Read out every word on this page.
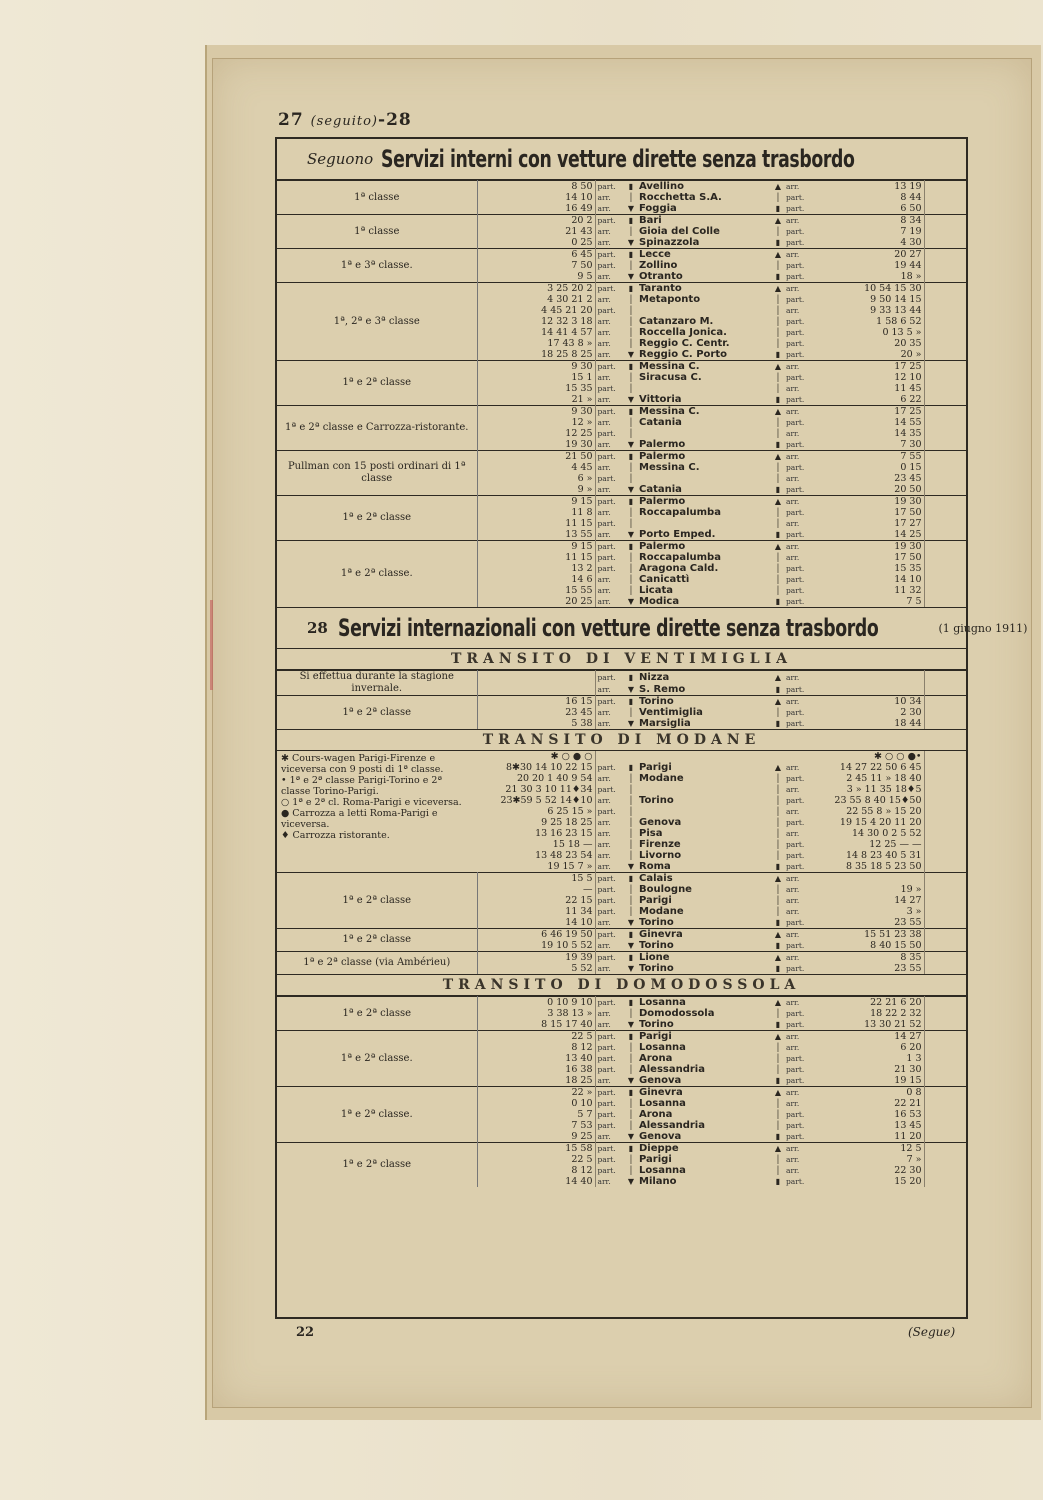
27 (seguito)-28
Seguono Servizi interni con vetture dirette senza trasbordo
1ª classe	8 50	part.	▮	Avellino	▲	arr.	13 19	
	14 10	arr.	│	Rocchetta S.A.	│	part.	8 44	
	16 49	arr.	▼	Foggia	▮	part.	6 50	
1ª classe	20 2	part.	▮	Bari	▲	arr.	8 34	
	21 43	arr.	│	Gioia del Colle	│	part.	7 19	
	0 25	arr.	▼	Spinazzola	▮	part.	4 30	
1ª e 3ª classe.	6 45	part.	▮	Lecce	▲	arr.	20 27	
	7 50	part.	│	Zollino	│	part.	19 44	
	9 5	arr.	▼	Otranto	▮	part.	18 »	
1ª, 2ª e 3ª classe	3 25 20 2	part.	▮	Taranto	▲	arr.	10 54 15 30	
	4 30 21 2	arr.	│	Metaponto	│	part.	9 50 14 15	
	4 45 21 20	part.	│		│	arr.	9 33 13 44	
	12 32 3 18	arr.	│	Catanzaro M.	│	part.	1 58 6 52	
	14 41 4 57	arr.	│	Roccella Jonica.	│	part.	0 13 5 »	
	17 43 8 »	arr.	│	Reggio C. Centr.	│	part.	20 35	
	18 25 8 25	arr.	▼	Reggio C. Porto	▮	part.	20 »	
1ª e 2ª classe	9 30	part.	▮	Messina C.	▲	arr.	17 25	
	15 1	arr.	│	Siracusa C.	│	part.	12 10	
	15 35	part.	│		│	arr.	11 45	
	21 »	arr.	▼	Vittoria	▮	part.	6 22	
1ª e 2ª classe e Carrozza-ristorante.	9 30	part.	▮	Messina C.	▲	arr.	17 25	
	12 »	arr.	│	Catania	│	part.	14 55	
	12 25	part.	│		│	arr.	14 35	
	19 30	arr.	▼	Palermo	▮	part.	7 30	
Pullman con 15 posti ordinari di 1ª classe	21 50	part.	▮	Palermo	▲	arr.	7 55	
	4 45	arr.	│	Messina C.	│	part.	0 15	
	6 »	part.	│		│	arr.	23 45	
	9 »	arr.	▼	Catania	▮	part.	20 50	
1ª e 2ª classe	9 15	part.	▮	Palermo	▲	arr.	19 30	
	11 8	arr.	│	Roccapalumba	│	part.	17 50	
	11 15	part.	│		│	arr.	17 27	
	13 55	arr.	▼	Porto Emped.	▮	part.	14 25	
1ª e 2ª classe.	9 15	part.	▮	Palermo	▲	arr.	19 30	
	11 15	part.	│	Roccapalumba	│	arr.	17 50	
	13 2	part.	│	Aragona Cald.	│	part.	15 35	
	14 6	arr.	│	Canicattì	│	part.	14 10	
	15 55	arr.	│	Licata	│	part.	11 32	
	20 25	arr.	▼	Modica	▮	part.	7 5	
28 Servizi internazionali con vetture dirette senza trasbordo	(1 giugno 1911)
TRANSITO DI VENTIMIGLIA
Si effettua durante la stagione invernale.		part.	▮	Nizza	▲	arr.		
		arr.	▼	S. Remo	▮	part.		
1ª e 2ª classe	16 15	part.	▮	Torino	▲	arr.	10 34	
	23 45	arr.	│	Ventimiglia	│	part.	2 30	
	5 38	arr.	▼	Marsiglia	▮	part.	18 44	
TRANSITO DI MODANE
✱ Cours-wagen Parigi-Firenze e viceversa con 9 posti di 1ª classe.
• 1ª e 2ª classe Parigi-Torino e 2ª classe Torino-Parigi.
○ 1ª e 2ª cl. Roma-Parigi e viceversa.
● Carrozza a letti Roma-Parigi e viceversa.
♦ Carrozza ristorante.	✱ ○ ● ○						✱ ○ ○ ●•	
	8✱30 14 10 22 15	part.	▮	Parigi	▲	arr.	14 27 22 50 6 45	
	20 20 1 40 9 54	arr.	│	Modane	│	part.	2 45 11 » 18 40	
	21 30 3 10 11♦34	part.	│		│	arr.	3 » 11 35 18♦5	
	23✱59 5 52 14♦10	arr.	│	Torino	│	part.	23 55 8 40 15♦50	
	6 25 15 »	part.	│		│	arr.	22 55 8 » 15 20	
	9 25 18 25	arr.	│	Genova	│	part.	19 15 4 20 11 20	
	13 16 23 15	arr.	│	Pisa	│	arr.	14 30 0 2 5 52	
	15 18 —	arr.	│	Firenze	│	part.	12 25 — —	
	13 48 23 54	arr.	│	Livorno	│	part.	14 8 23 40 5 31	
	19 15 7 »	arr.	▼	Roma	▮	part.	8 35 18 5 23 50	
1ª e 2ª classe	15 5	part.	▮	Calais	▲	arr.		
	—	part.	│	Boulogne	│	arr.	19 »	
	22 15	part.	│	Parigi	│	arr.	14 27	
	11 34	part.	│	Modane	│	arr.	3 »	
	14 10	arr.	▼	Torino	▮	part.	23 55	
1ª e 2ª classe	6 46 19 50	part.	▮	Ginevra	▲	arr.	15 51 23 38	
	19 10 5 52	arr.	▼	Torino	▮	part.	8 40 15 50	
1ª e 2ª classe (via Ambérieu)	19 39	part.	▮	Lione	▲	arr.	8 35	
	5 52	arr.	▼	Torino	▮	part.	23 55	
TRANSITO DI DOMODOSSOLA
1ª e 2ª classe	0 10 9 10	part.	▮	Losanna	▲	arr.	22 21 6 20	
	3 38 13 »	arr.	│	Domodossola	│	part.	18 22 2 32	
	8 15 17 40	arr.	▼	Torino	▮	part.	13 30 21 52	
1ª e 2ª classe.	22 5	part.	▮	Parigi	▲	arr.	14 27	
	8 12	part.	│	Losanna	│	arr.	6 20	
	13 40	part.	│	Arona	│	part.	1 3	
	16 38	part.	│	Alessandria	│	part.	21 30	
	18 25	arr.	▼	Genova	▮	part.	19 15	
1ª e 2ª classe.	22 »	part.	▮	Ginevra	▲	arr.	0 8	
	0 10	part.	│	Losanna	│	arr.	22 21	
	5 7	part.	│	Arona	│	part.	16 53	
	7 53	part.	│	Alessandria	│	part.	13 45	
	9 25	arr.	▼	Genova	▮	part.	11 20	
1ª e 2ª classe	15 58	part.	▮	Dieppe	▲	arr.	12 5	
	22 5	part.	│	Parigi	│	arr.	7 »	
	8 12	part.	│	Losanna	│	arr.	22 30	
	14 40	arr.	▼	Milano	▮	part.	15 20	
22	(Segue)
